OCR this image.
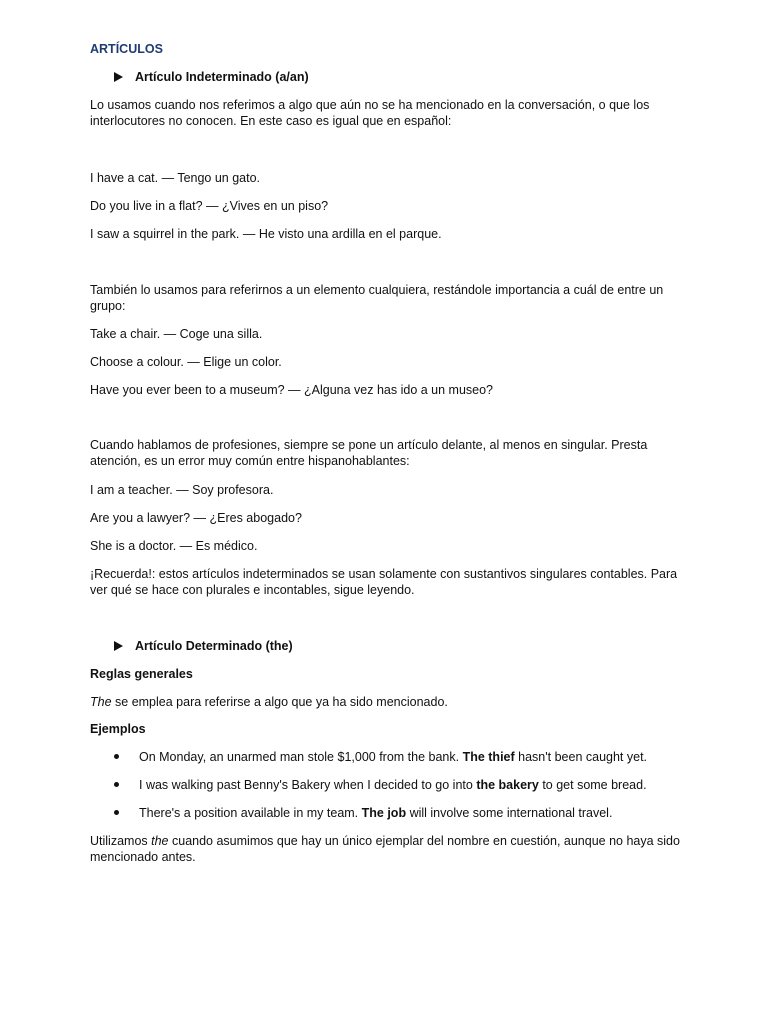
ARTÍCULOS
Artículo Indeterminado (a/an)
Lo usamos cuando nos referimos a algo que aún no se ha mencionado en la conversación, o que los interlocutores no conocen. En este caso es igual que en español:
I have a cat. — Tengo un gato.
Do you live in a flat? — ¿Vives en un piso?
I saw a squirrel in the park. — He visto una ardilla en el parque.
También lo usamos para referirnos a un elemento cualquiera, restándole importancia a cuál de entre un grupo:
Take a chair. — Coge una silla.
Choose a colour. — Elige un color.
Have you ever been to a museum? — ¿Alguna vez has ido a un museo?
Cuando hablamos de profesiones, siempre se pone un artículo delante, al menos en singular. Presta atención, es un error muy común entre hispanohablantes:
I am a teacher. — Soy profesora.
Are you a lawyer? — ¿Eres abogado?
She is a doctor. — Es médico.
¡Recuerda!: estos artículos indeterminados se usan solamente con sustantivos singulares contables. Para ver qué se hace con plurales e incontables, sigue leyendo.
Artículo Determinado (the)
Reglas generales
The se emplea para referirse a algo que ya ha sido mencionado.
Ejemplos
On Monday, an unarmed man stole $1,000 from the bank. The thief hasn't been caught yet.
I was walking past Benny's Bakery when I decided to go into the bakery to get some bread.
There's a position available in my team. The job will involve some international travel.
Utilizamos the cuando asumimos que hay un único ejemplar del nombre en cuestión, aunque no haya sido mencionado antes.
